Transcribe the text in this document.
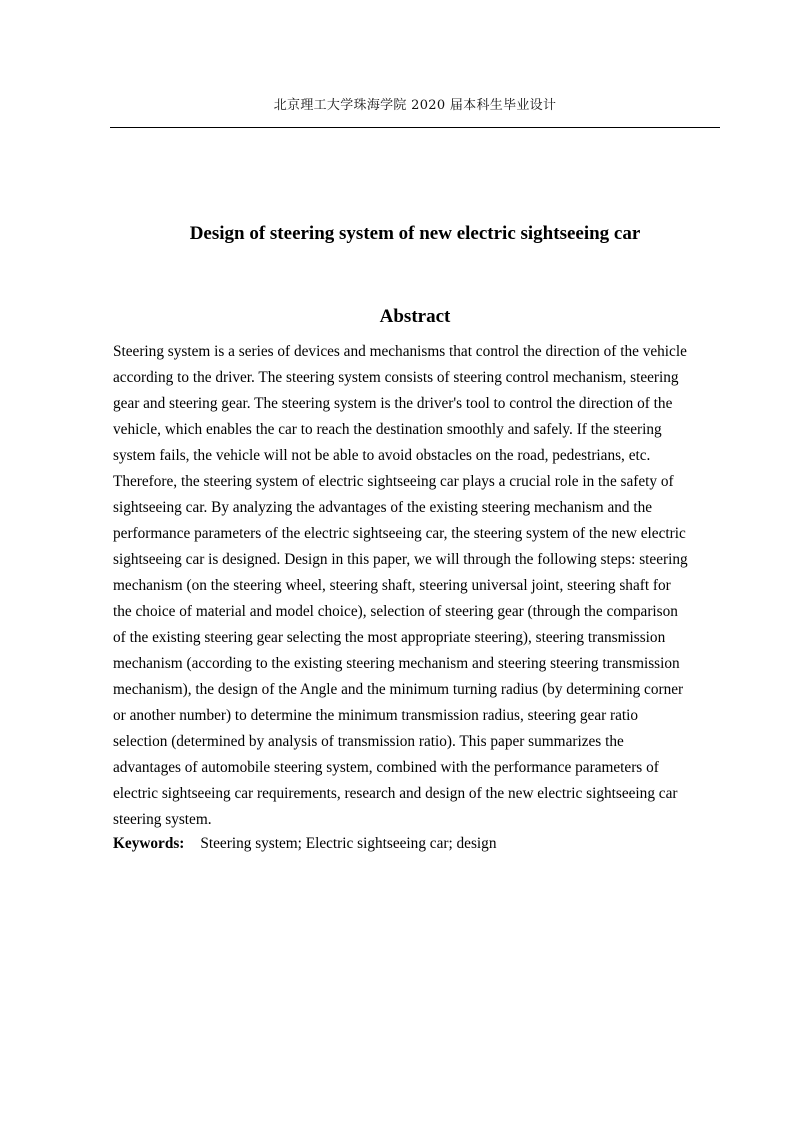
北京理工大学珠海学院 2020 届本科生毕业设计
Design of steering system of new electric sightseeing car
Abstract
Steering system is a series of devices and mechanisms that control the direction of the vehicle
according to the driver. The steering system consists of steering control mechanism, steering
gear and steering gear. The steering system is the driver's tool to control the direction of the
vehicle, which enables the car to reach the destination smoothly and safely. If the steering
system fails, the vehicle will not be able to avoid obstacles on the road, pedestrians, etc.
Therefore, the steering system of electric sightseeing car plays a crucial role in the safety of
sightseeing car. By analyzing the advantages of the existing steering mechanism and the
performance parameters of the electric sightseeing car, the steering system of the new electric
sightseeing car is designed. Design in this paper, we will through the following steps: steering
mechanism (on the steering wheel, steering shaft, steering universal joint, steering shaft for
the choice of material and model choice), selection of steering gear (through the comparison
of the existing steering gear selecting the most appropriate steering), steering transmission
mechanism (according to the existing steering mechanism and steering steering transmission
mechanism), the design of the Angle and the minimum turning radius (by determining corner
or another number) to determine the minimum transmission radius, steering gear ratio
selection (determined by analysis of transmission ratio). This paper summarizes the
advantages of automobile steering system, combined with the performance parameters of
electric sightseeing car requirements, research and design of the new electric sightseeing car
steering system.
Keywords: Steering system; Electric sightseeing car; design
